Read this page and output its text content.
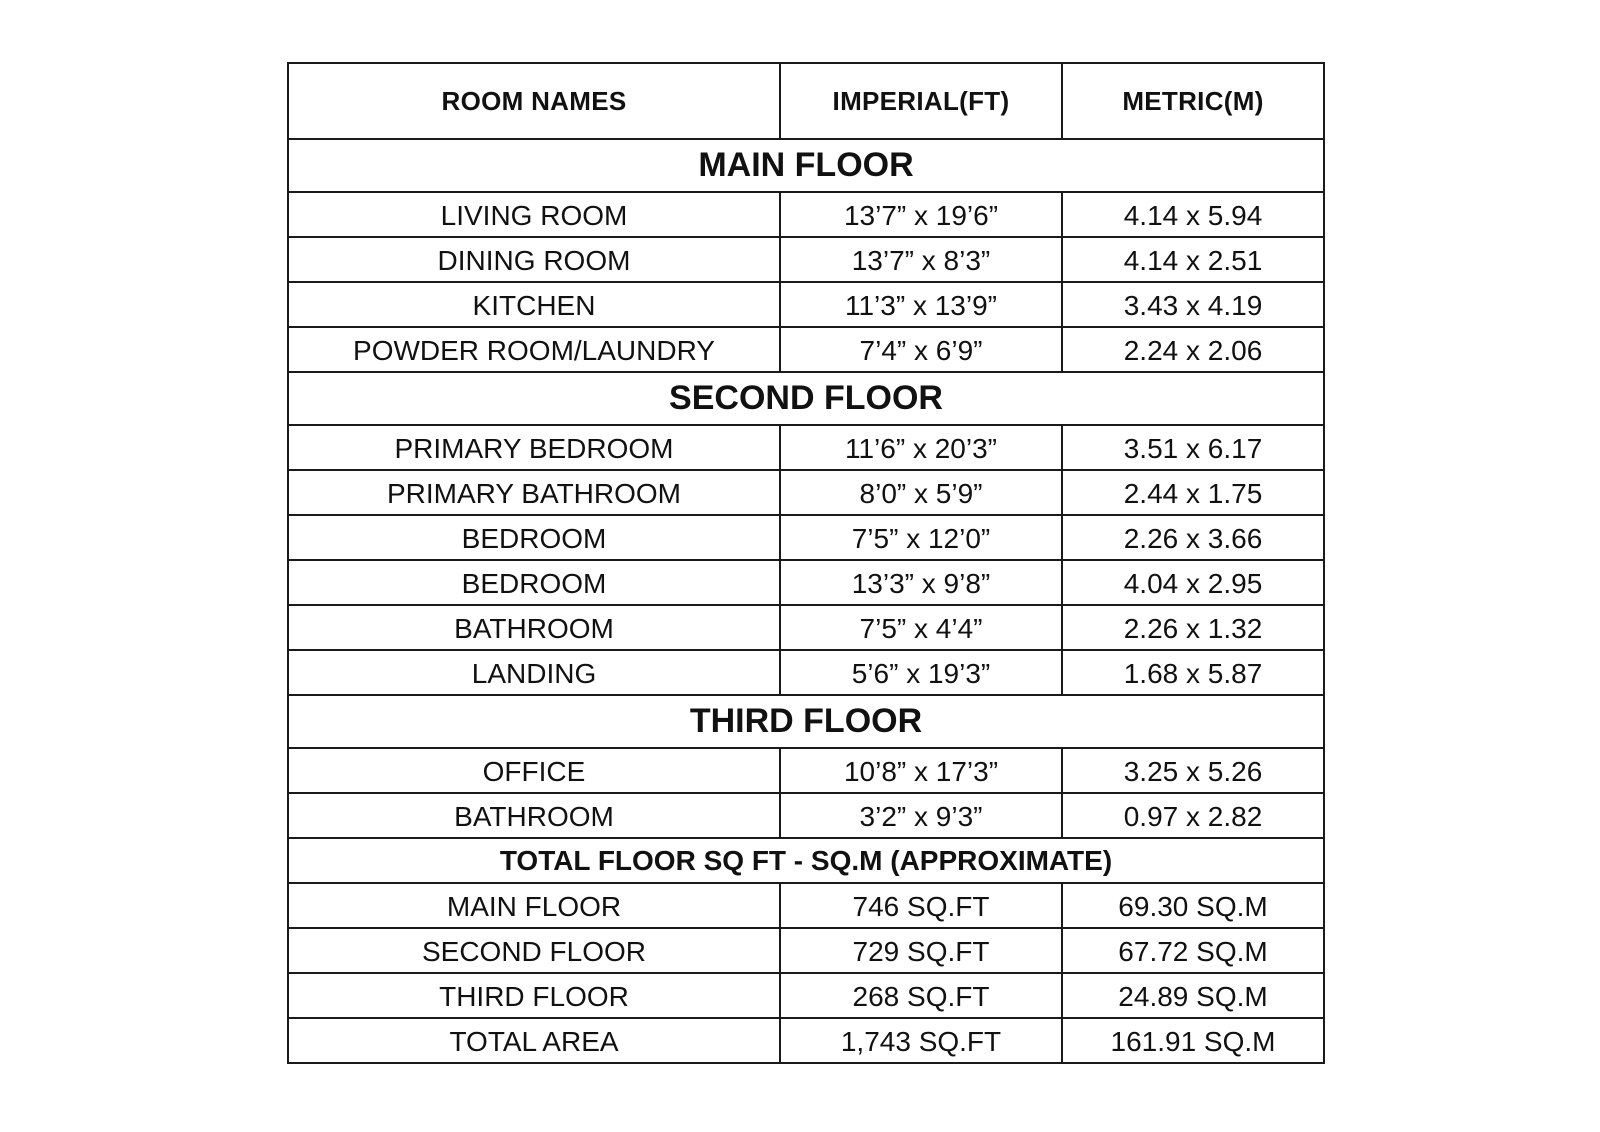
ROOM NAMES	IMPERIAL(FT)	METRIC(M)
MAIN FLOOR		
LIVING ROOM	13’7” x 19’6”	4.14 x 5.94
DINING ROOM	13’7” x 8’3”	4.14 x 2.51
KITCHEN	11’3” x 13’9”	3.43 x 4.19
POWDER ROOM/LAUNDRY	7’4” x 6’9”	2.24 x 2.06
SECOND FLOOR		
PRIMARY BEDROOM	11’6” x 20’3”	3.51 x 6.17
PRIMARY BATHROOM	8’0” x 5’9”	2.44 x 1.75
BEDROOM	7’5” x 12’0”	2.26 x 3.66
BEDROOM	13’3” x 9’8”	4.04 x 2.95
BATHROOM	7’5” x 4’4”	2.26 x 1.32
LANDING	5’6” x 19’3”	1.68 x 5.87
THIRD FLOOR		
OFFICE	10’8” x 17’3”	3.25 x 5.26
BATHROOM	3’2” x 9’3”	0.97 x 2.82
TOTAL FLOOR SQ FT - SQ.M (APPROXIMATE)		
MAIN FLOOR	746 SQ.FT	69.30 SQ.M
SECOND FLOOR	729 SQ.FT	67.72 SQ.M
THIRD FLOOR	268 SQ.FT	24.89 SQ.M
TOTAL AREA	1,743 SQ.FT	161.91 SQ.M
